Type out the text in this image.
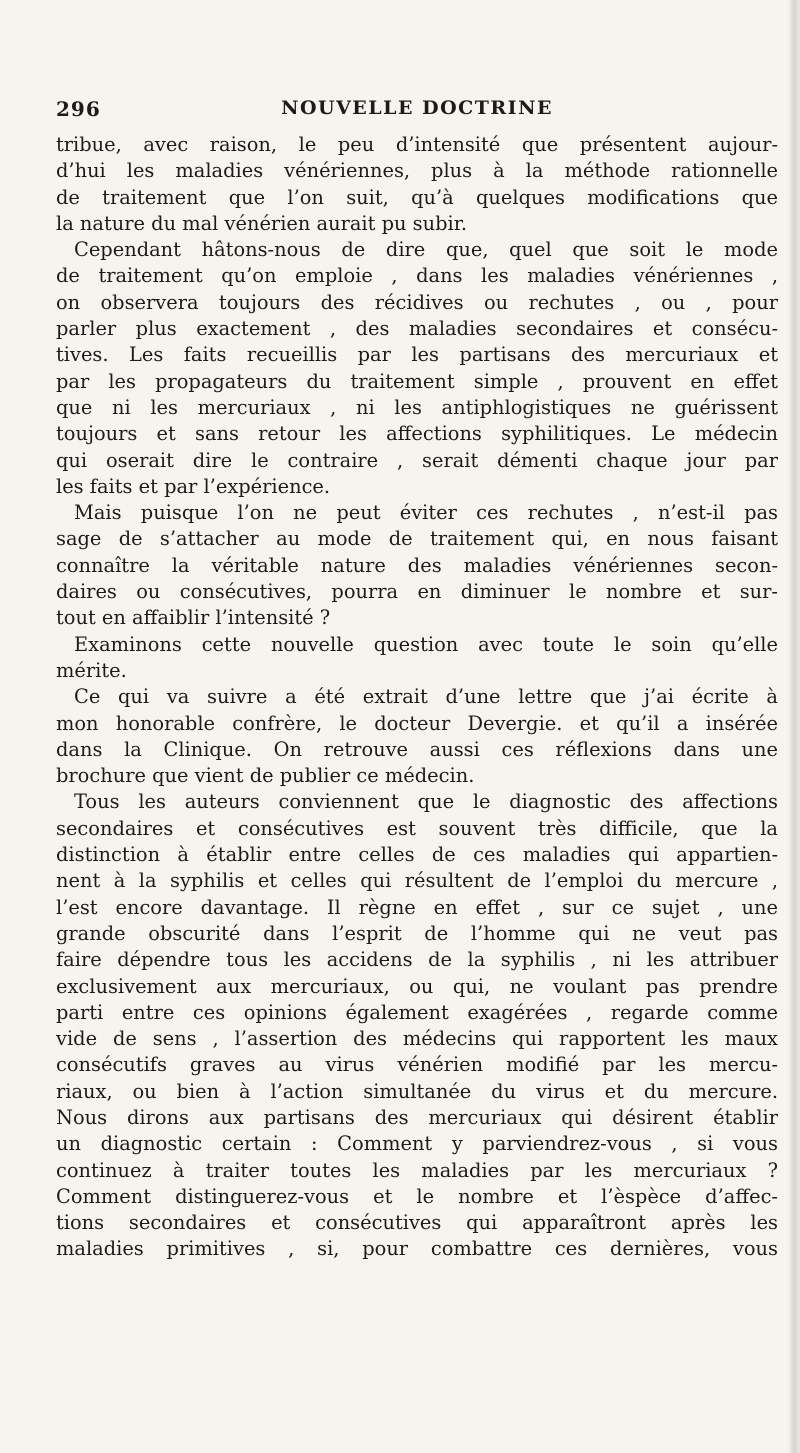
296	NOUVELLE DOCTRINE
tribue, avec raison, le peu d’intensité que présentent aujour-
d’hui les maladies vénériennes, plus à la méthode rationnelle
de traitement que l’on suit, qu’à quelques modifications que
la nature du mal vénérien aurait pu subir.
Cependant hâtons-nous de dire que, quel que soit le mode
de traitement qu’on emploie , dans les maladies vénériennes ,
on observera toujours des récidives ou rechutes , ou , pour
parler plus exactement , des maladies secondaires et consécu-
tives. Les faits recueillis par les partisans des mercuriaux et
par les propagateurs du traitement simple , prouvent en effet
que ni les mercuriaux , ni les antiphlogistiques ne guérissent
toujours et sans retour les affections syphilitiques. Le médecin
qui oserait dire le contraire , serait démenti chaque jour par
les faits et par l’expérience.
Mais puisque l’on ne peut éviter ces rechutes , n’est-il pas
sage de s’attacher au mode de traitement qui, en nous faisant
connaître la véritable nature des maladies vénériennes secon-
daires ou consécutives, pourra en diminuer le nombre et sur-
tout en affaiblir l’intensité ?
Examinons cette nouvelle question avec toute le soin qu’elle
mérite.
Ce qui va suivre a été extrait d’une lettre que j’ai écrite à
mon honorable confrère, le docteur Devergie. et qu’il a insérée
dans la Clinique. On retrouve aussi ces réflexions dans une
brochure que vient de publier ce médecin.
Tous les auteurs conviennent que le diagnostic des affections
secondaires et consécutives est souvent très difficile, que la
distinction à établir entre celles de ces maladies qui appartien-
nent à la syphilis et celles qui résultent de l’emploi du mercure ,
l’est encore davantage. Il règne en effet , sur ce sujet , une
grande obscurité dans l’esprit de l’homme qui ne veut pas
faire dépendre tous les accidens de la syphilis , ni les attribuer
exclusivement aux mercuriaux, ou qui, ne voulant pas prendre
parti entre ces opinions également exagérées , regarde comme
vide de sens , l’assertion des médecins qui rapportent les maux
consécutifs graves au virus vénérien modifié par les mercu-
riaux, ou bien à l’action simultanée du virus et du mercure.
Nous dirons aux partisans des mercuriaux qui désirent établir
un diagnostic certain : Comment y parviendrez-vous , si vous
continuez à traiter toutes les maladies par les mercuriaux ?
Comment distinguerez-vous et le nombre et l’èspèce d’affec-
tions secondaires et consécutives qui apparaîtront après les
maladies primitives , si, pour combattre ces dernières, vous
